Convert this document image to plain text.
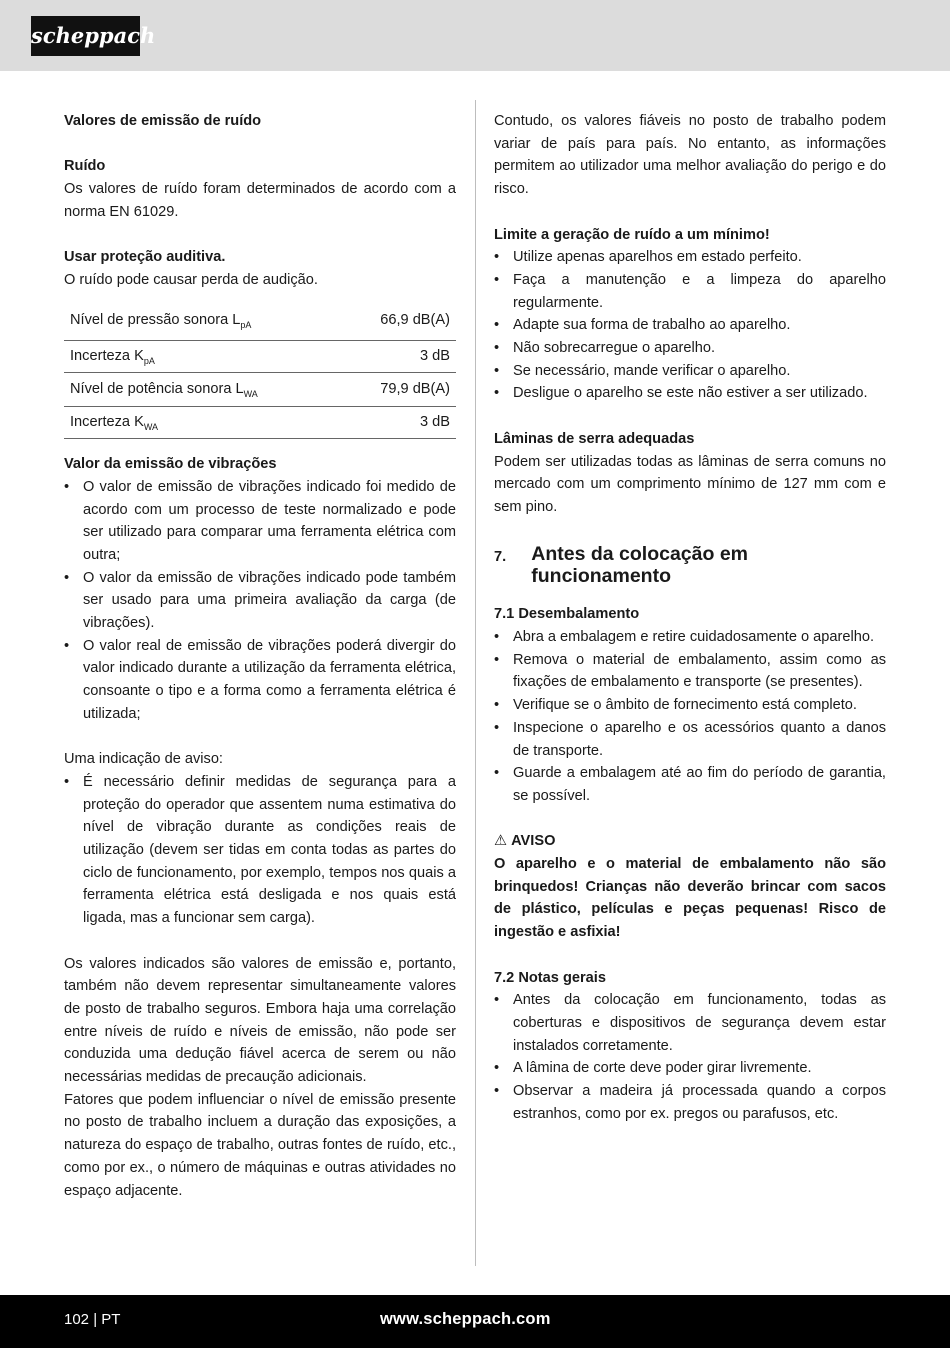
scheppach

Valores de emissão de ruído

Ruído

Os valores de ruído foram determinados de acordo com a norma EN 61029.

Usar proteção auditiva.

O ruído pode causar perda de audição.

Nível de pressão sonora $L_{pA}$	66,9 dB(A)
Incerteza $K_{pA}$	3 dB
Nível de potência sonora $L_{WA}$	79,9 dB(A)
Incerteza $K_{WA}$	3 dB

Valor da emissão de vibrações

• O valor de emissão de vibrações indicado foi medido de acordo com um processo de teste normalizado e pode ser utilizado para comparar uma ferramenta elétrica com outra;
• O valor da emissão de vibrações indicado pode também ser usado para uma primeira avaliação da carga (de vibrações).
• O valor real de emissão de vibrações poderá divergir do valor indicado durante a utilização da ferramenta elétrica, consoante o tipo e a forma como a ferramenta elétrica é utilizada;

Uma indicação de aviso:

• É necessário definir medidas de segurança para a proteção do operador que assentem numa estimativa do nível de vibração durante as condições reais de utilização (devem ser tidas em conta todas as partes do ciclo de funcionamento, por exemplo, tempos nos quais a ferramenta elétrica está desligada e nos quais está ligada, mas a funcionar sem carga).

Os valores indicados são valores de emissão e, portanto, também não devem representar simultaneamente valores de posto de trabalho seguros. Embora haja uma correlação entre níveis de ruído e níveis de emissão, não pode ser conduzida uma dedução fiável acerca de serem ou não necessárias medidas de precaução adicionais.

Fatores que podem influenciar o nível de emissão presente no posto de trabalho incluem a duração das exposições, a natureza do espaço de trabalho, outras fontes de ruído, etc., como por ex., o número de máquinas e outras atividades no espaço adjacente.

Contudo, os valores fiáveis no posto de trabalho podem variar de país para país. No entanto, as informações permitem ao utilizador uma melhor avaliação do perigo e do risco.

Limite a geração de ruído a um mínimo!

• Utilize apenas aparelhos em estado perfeito.
• Faça a manutenção e a limpeza do aparelho regularmente.
• Adapte sua forma de trabalho ao aparelho.
• Não sobrecarregue o aparelho.
• Se necessário, mande verificar o aparelho.
• Desligue o aparelho se este não estiver a ser utilizado.

Lâminas de serra adequadas

Podem ser utilizadas todas as lâminas de serra comuns no mercado com um comprimento mínimo de 127 mm com e sem pino.

7.	Antes da colocação em funcionamento

7.1 Desembalamento

• Abra a embalagem e retire cuidadosamente o aparelho.
• Remova o material de embalamento, assim como as fixações de embalamento e transporte (se presentes).
• Verifique se o âmbito de fornecimento está completo.
• Inspecione o aparelho e os acessórios quanto a danos de transporte.
• Guarde a embalagem até ao fim do período de garantia, se possível.

⚠ AVISO

O aparelho e o material de embalamento não são brinquedos! Crianças não deverão brincar com sacos de plástico, películas e peças pequenas! Risco de ingestão e asfixia!

7.2 Notas gerais

• Antes da colocação em funcionamento, todas as coberturas e dispositivos de segurança devem estar instalados corretamente.
• A lâmina de corte deve poder girar livremente.
• Observar a madeira já processada quando a corpos estranhos, como por ex. pregos ou parafusos, etc.
102 | PT	www.scheppach.com
